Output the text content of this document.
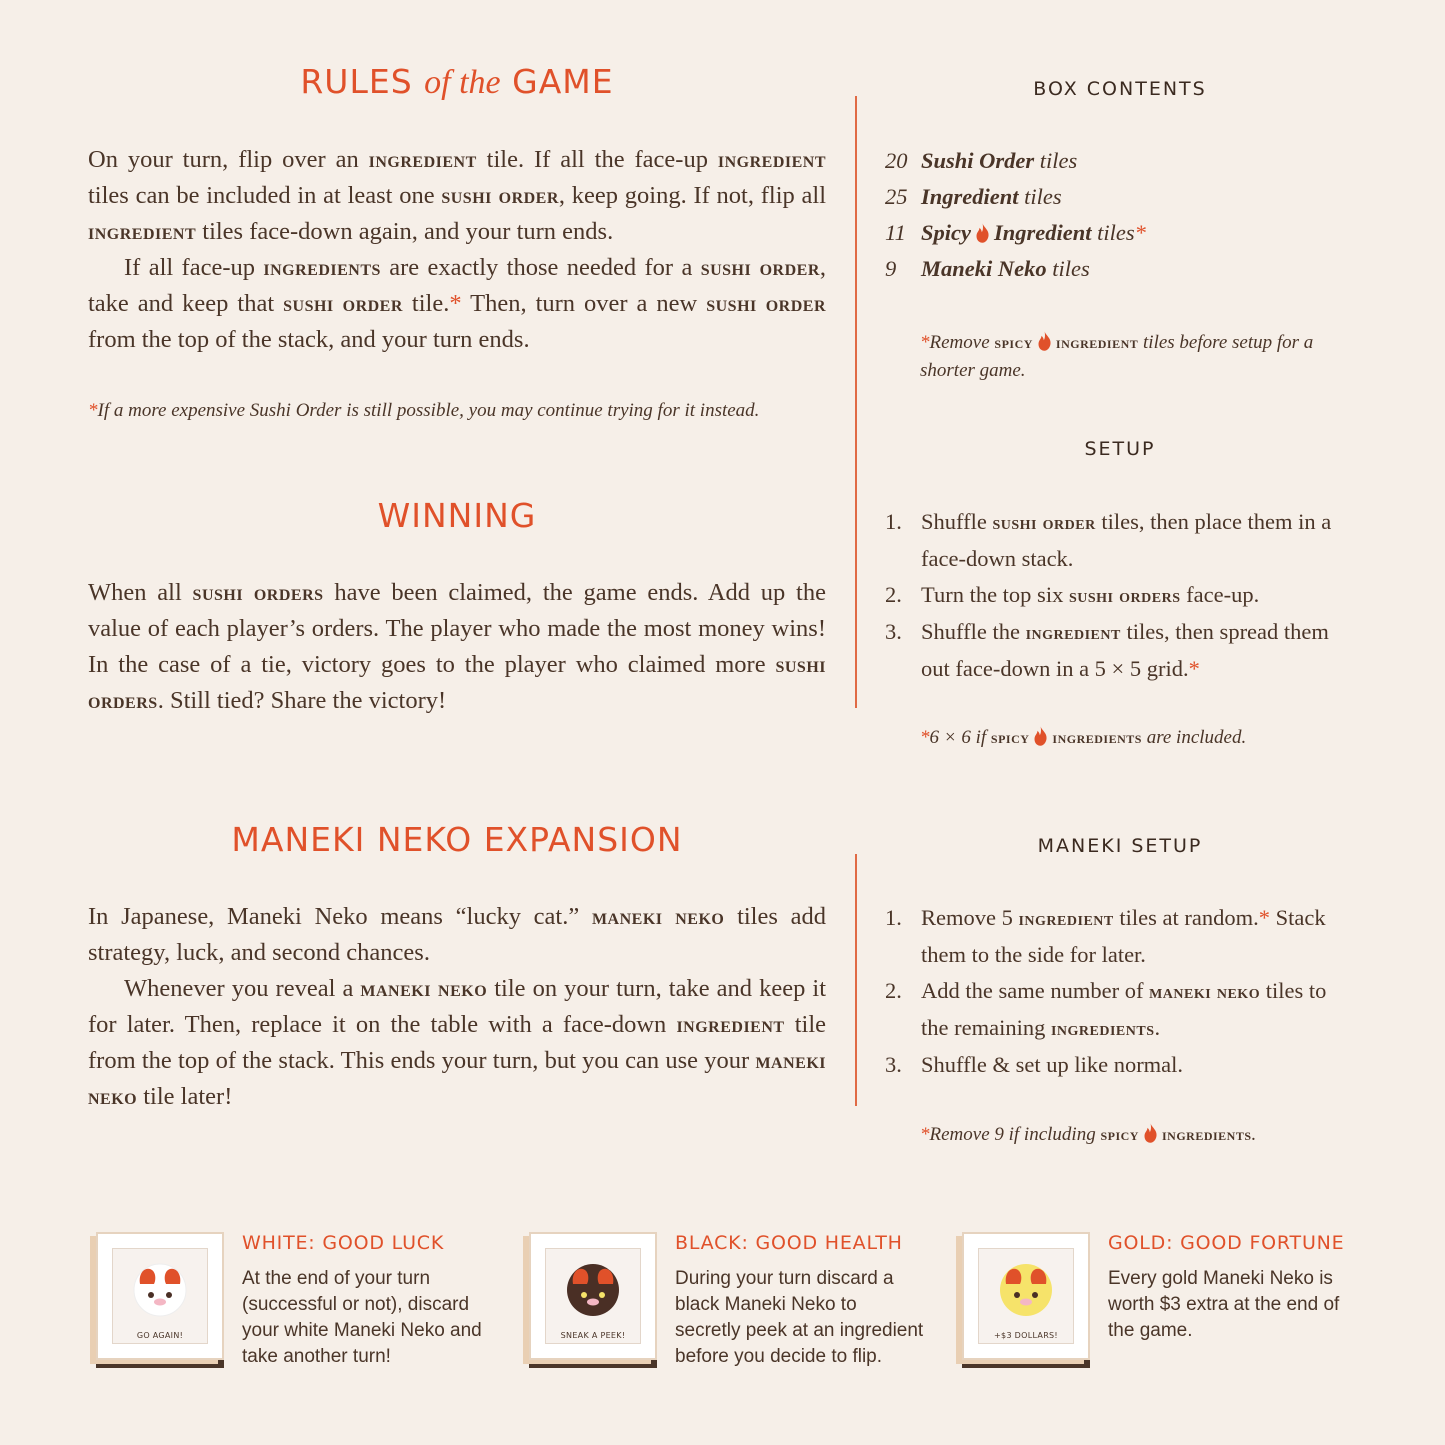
RULES of the GAME

On your turn, flip over an ingredient tile. If all the face-up ingredient tiles can be included in at least one sushi order, keep going. If not, flip all ingredient tiles face-down again, and your turn ends.

If all face-up ingredients are exactly those needed for a sushi order, take and keep that sushi order tile.* Then, turn over a new sushi order from the top of the stack, and your turn ends.

*If a more expensive Sushi Order is still possible, you may continue trying for it instead.
WINNING

When all sushi orders have been claimed, the game ends. Add up the value of each player’s orders. The player who made the most money wins! In the case of a tie, victory goes to the player who claimed more sushi orders. Still tied? Share the victory!

MANEKI NEKO EXPANSION

In Japanese, Maneki Neko means “lucky cat.” maneki neko tiles add strategy, luck, and second chances.

Whenever you reveal a maneki neko tile on your turn, take and keep it for later. Then, replace it on the table with a face-down ingredient tile from the top of the stack. This ends your turn, but you can use your maneki neko tile later!

BOX CONTENTS
20 Sushi Order tiles
25 Ingredient tiles
11 Spicy Ingredient tiles*
9	Maneki Neko tiles
*Remove spicy ingredient tiles before setup for a shorter game.
SETUP
1. Shuffle sushi order tiles, then place them in a face-down stack.
2. Turn the top six sushi orders face-up.
3. Shuffle the ingredient tiles, then spread them out face-down in a 5 × 5 grid.*
*6 × 6 if spicy ingredients are included.
MANEKI SETUP
1. Remove 5 ingredient tiles at random.* Stack them to the side for later.
2. Add the same number of maneki neko tiles to the remaining ingredients.
3. Shuffle & set up like normal.
*Remove 9 if including spicy ingredients.
GO AGAIN!
WHITE: GOOD LUCK
At the end of your turn (successful or not), discard your white Maneki Neko and take another turn!
SNEAK A PEEK!
BLACK: GOOD HEALTH
During your turn discard a black Maneki Neko to secretly peek at an ingredient before you decide to flip.
+$3 DOLLARS!
GOLD: GOOD FORTUNE
Every gold Maneki Neko is worth $3 extra at the end of the game.
